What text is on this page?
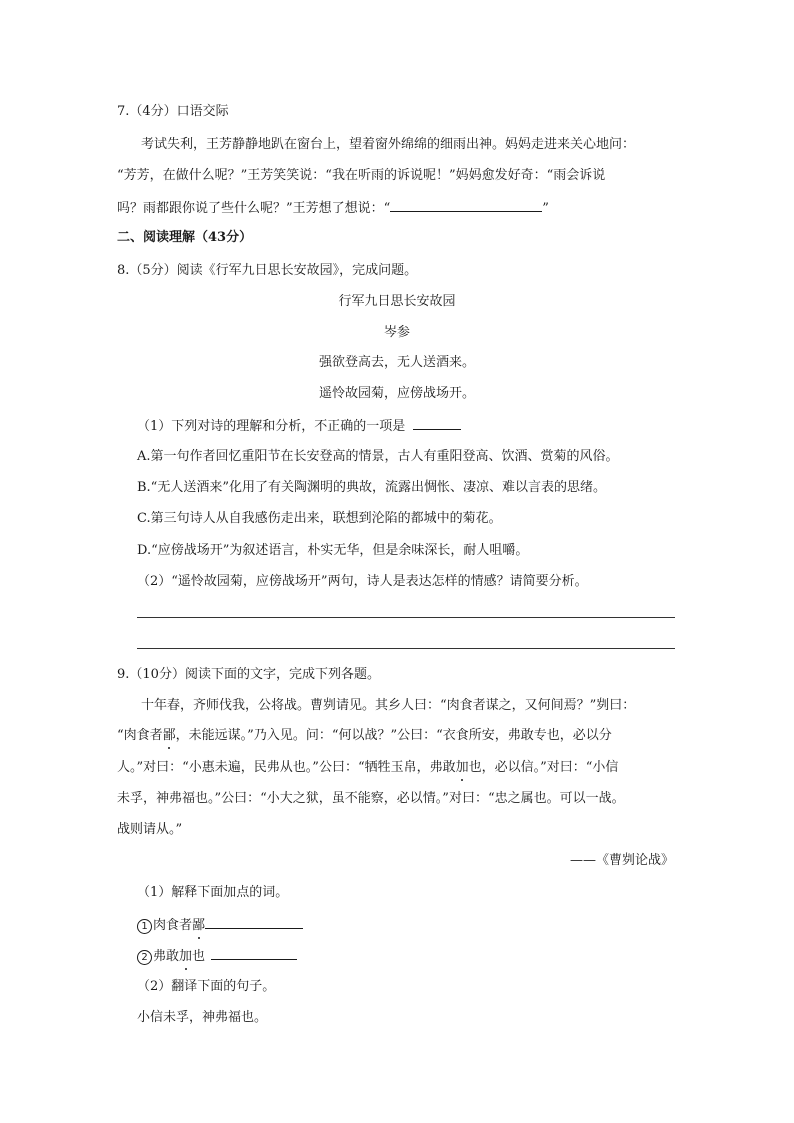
7.（4分）口语交际
考试失利，王芳静静地趴在窗台上，望着窗外绵绵的细雨出神。妈妈走进来关心地问：
“芳芳，在做什么呢？”王芳笑笑说：“我在听雨的诉说呢！”妈妈愈发好奇：“雨会诉说
吗？雨都跟你说了些什么呢？”王芳想了想说：“	”
二、阅读理解（43分）
8.（5分）阅读《行军九日思长安故园》，完成问题。
行军九日思长安故园
岑参
强欲登高去，无人送酒来。
遥怜故园菊，应傍战场开。
（1）下列对诗的理解和分析，不正确的一项是
A.第一句作者回忆重阳节在长安登高的情景，古人有重阳登高、饮酒、赏菊的风俗。
B.“无人送酒来”化用了有关陶渊明的典故，流露出惆怅、凄凉、难以言表的思绪。
C.第三句诗人从自我感伤走出来，联想到沦陷的都城中的菊花。
D.“应傍战场开”为叙述语言，朴实无华，但是余味深长，耐人咀嚼。
（2）“遥怜故园菊，应傍战场开”两句，诗人是表达怎样的情感？请简要分析。
9.（10分）阅读下面的文字，完成下列各题。
十年春，齐师伐我，公将战。曹刿请见。其乡人曰：“肉食者谋之，又何间焉？”刿曰：
“肉食者鄙，未能远谋。”乃入见。问：“何以战？”公曰：“衣食所安，弗敢专也，必以分
人。”对曰：“小惠未遍，民弗从也。”公曰：“牺牲玉帛，弗敢加也，必以信。”对曰：“小信
未孚，神弗福也。”公曰：“小大之狱，虽不能察，必以情。”对曰：“忠之属也。可以一战。
战则请从。”
——《曹刿论战》
（1）解释下面加点的词。
1 肉食者鄙
2 弗敢加也
（2）翻译下面的句子。
小信未孚，神弗福也。
